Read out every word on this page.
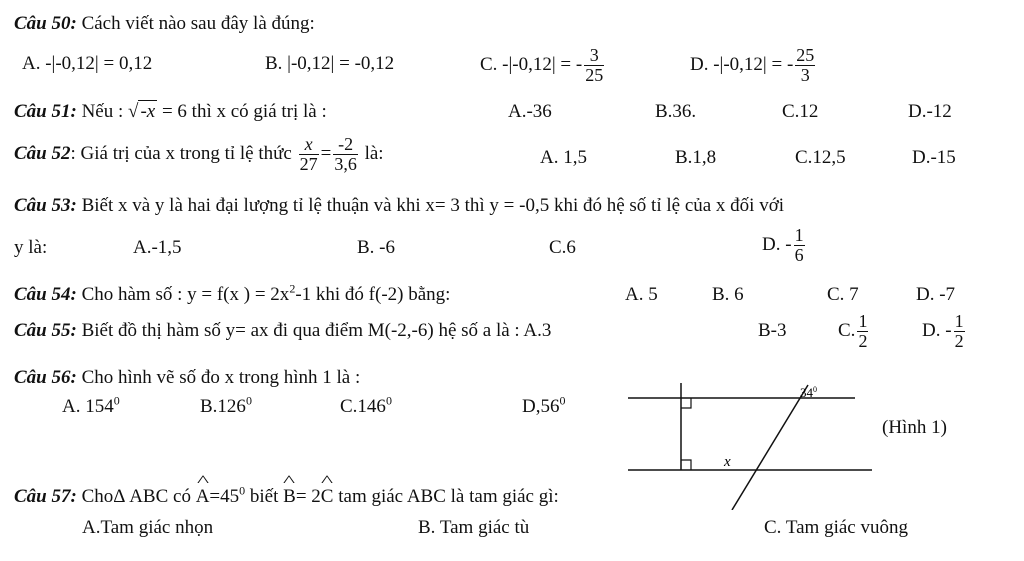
Câu 50: Cách viết nào sau đây là đúng:
A. -|-0,12| = 0,12	B. |-0,12| = -0,12	C. -|-0,12| = - $\frac{3}{25}$	D. -|-0,12| = - $\frac{25}{3}$
Câu 51: Nếu : √ -x = 6 thì x có giá trị là :	A.-36	B.36.	C.12	D.-12
Câu 52: Giá trị của x trong tỉ lệ thức $\frac{x}{27} = \frac{-2}{3,6}$ là:	A. 1,5	B.1,8	C.12,5	D.-15
Câu 53: Biết x và y là hai đại lượng tỉ lệ thuận và khi x= 3 thì y = -0,5 khi đó hệ số tỉ lệ của x đối với
y là:	A.-1,5	B. -6	C.6	D. - $\frac{1}{6}$
Câu 54: Cho hàm số : y = f(x ) = $2x^2-1$ khi đó f(-2) bằng:	A. 5	B. 6	C. 7	D. -7
Câu 55: Biết đồ thị hàm số y= ax đi qua điểm M(-2,-6) hệ số a là : A.3	B-3	C. $\frac{1}{2}$	D. - $\frac{1}{2}$
Câu 56: Cho hình vẽ số đo x trong hình 1 là :
A. $154^0$	B.126$^0$	C.146$^0$	$D,56^0$
$34^0$
x
(Hình 1)
Câu 57: ChoΔ ABC có ^ $A=45^0$ biết ^ B= 2^ C tam giác ABC là tam giác gì:
A.Tam giác nhọn	B. Tam giác tù	C. Tam giác vuông
